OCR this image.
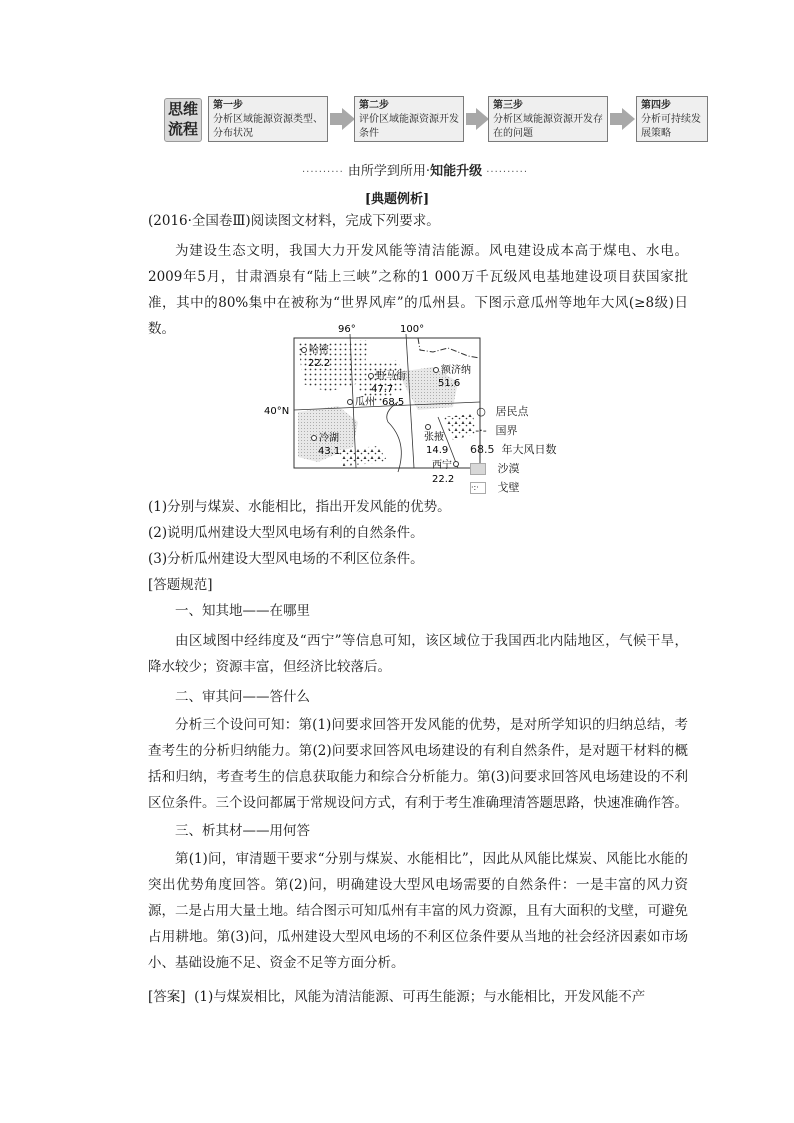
思维
流程
第一步
分析区域能源资源类型、分布状况
第二步
评价区域能源资源开发条件
第三步
分析区域能源资源开发存在的问题
第四步
分析可持续发展策略
·········· 由所学到所用·知能升级 ··········
[典题例析]
(2016·全国卷Ⅲ)阅读图文材料，完成下列要求。
为建设生态文明，我国大力开发风能等清洁能源。风电建设成本高于煤电、水电。2009年5月，甘肃酒泉有“陆上三峡”之称的1 000万千瓦级风电基地建设项目获国家批准，其中的80%集中在被称为“世界风库”的瓜州县。下图示意瓜州等地年大风(≥8级)日数。	96°	100°
40°N
哈密
22.2
额济纳
51.6
野马街
47.7
瓜州 68.5
冷湖
43.1
张掖
14.9
西宁
22.2
○ 居民点
-·- 国界
68.5 年大风日数
沙漠
·:· 戈壁
(1)分别与煤炭、水能相比，指出开发风能的优势。
(2)说明瓜州建设大型风电场有利的自然条件。
(3)分析瓜州建设大型风电场的不利区位条件。
[答题规范]
一、知其地——在哪里
由区域图中经纬度及“西宁”等信息可知，该区域位于我国西北内陆地区，气候干旱，降水较少；资源丰富，但经济比较落后。
二、审其问——答什么
分析三个设问可知：第(1)问要求回答开发风能的优势，是对所学知识的归纳总结，考查考生的分析归纳能力。第(2)问要求回答风电场建设的有利自然条件，是对题干材料的概括和归纳，考查考生的信息获取能力和综合分析能力。第(3)问要求回答风电场建设的不利区位条件。三个设问都属于常规设问方式，有利于考生准确理清答题思路，快速准确作答。
三、析其材——用何答
第(1)问，审清题干要求“分别与煤炭、水能相比”，因此从风能比煤炭、风能比水能的突出优势角度回答。第(2)问，明确建设大型风电场需要的自然条件：一是丰富的风力资源，二是占用大量土地。结合图示可知瓜州有丰富的风力资源，且有大面积的戈壁，可避免占用耕地。第(3)问，瓜州建设大型风电场的不利区位条件要从当地的社会经济因素如市场小、基础设施不足、资金不足等方面分析。
[答案] (1)与煤炭相比，风能为清洁能源、可再生能源；与水能相比，开发风能不产
